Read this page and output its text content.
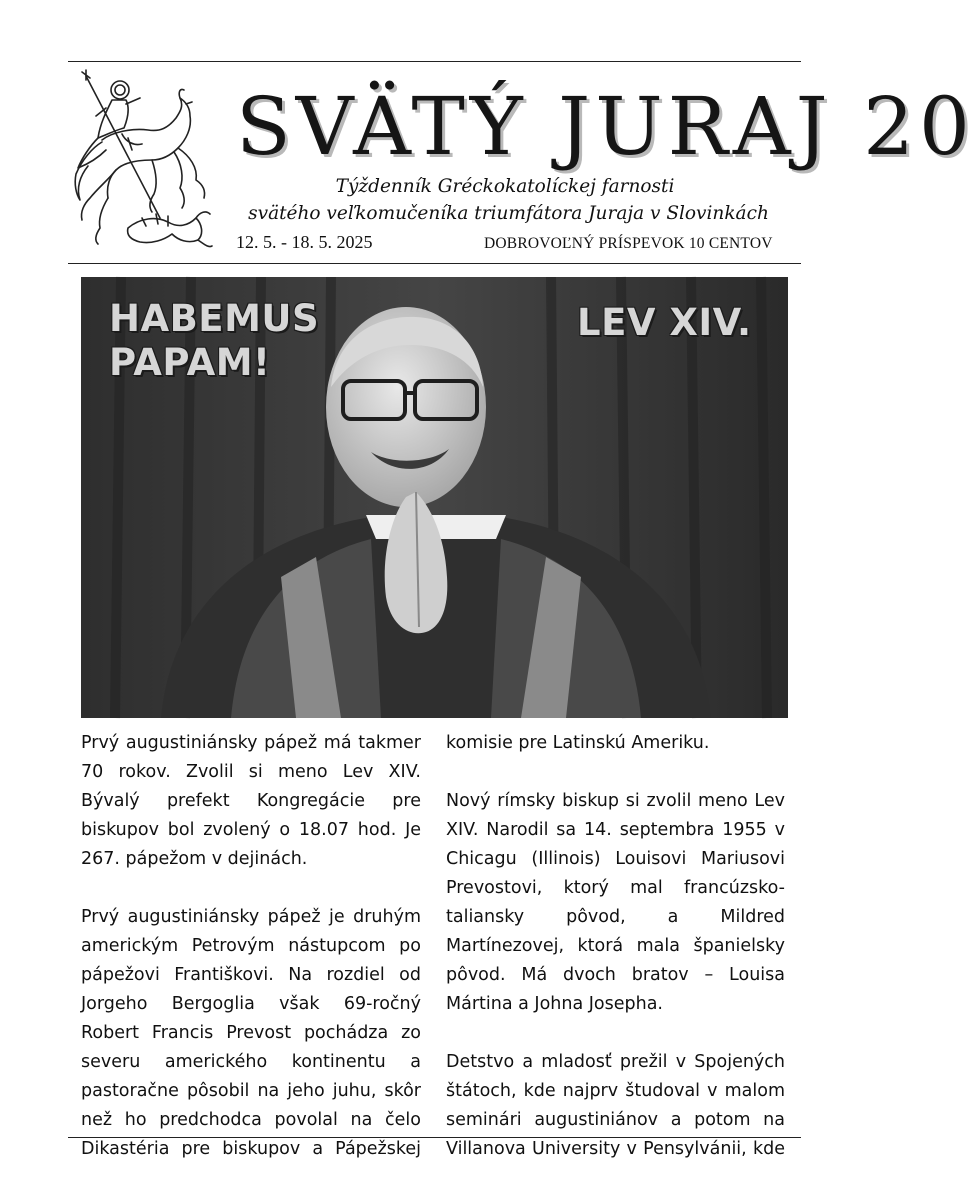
SVÄTÝ JURAJ 20
Týždenník Gréckokatolíckej farnosti
svätého veľkomučeníka triumfátora Juraja v Slovinkách
12. 5. - 18. 5. 2025	DOBROVOĽNÝ PRÍSPEVOK 10 CENTOV
HABEMUS
PAPAM!
LEV XIV.

Prvý augustiniánsky pápež má takmer

70 rokov. Zvolil si meno Lev XIV.

Bývalý prefekt Kongregácie pre

biskupov bol zvolený o 18.07 hod. Je

267. pápežom v dejinách.

Prvý augustiniánsky pápež je druhým

americkým Petrovým nástupcom po

pápežovi Františkovi. Na rozdiel od

Jorgeho Bergoglia však 69-ročný

Robert Francis Prevost pochádza zo

severu amerického kontinentu a

pastoračne pôsobil na jeho juhu, skôr

než ho predchodca povolal na čelo

Dikastéria pre biskupov a Pápežskej

komisie pre Latinskú Ameriku.

Nový rímsky biskup si zvolil meno Lev

XIV. Narodil sa 14. septembra 1955 v

Chicagu (Illinois) Louisovi Mariusovi

Prevostovi, ktorý mal francúzsko-

taliansky pôvod, a Mildred

Martínezovej, ktorá mala španielsky

pôvod. Má dvoch bratov – Louisa

Mártina a Johna Josepha.

Detstvo a mladosť prežil v Spojených

štátoch, kde najprv študoval v malom

seminári augustiniánov a potom na

Villanova University v Pensylvánii, kde
